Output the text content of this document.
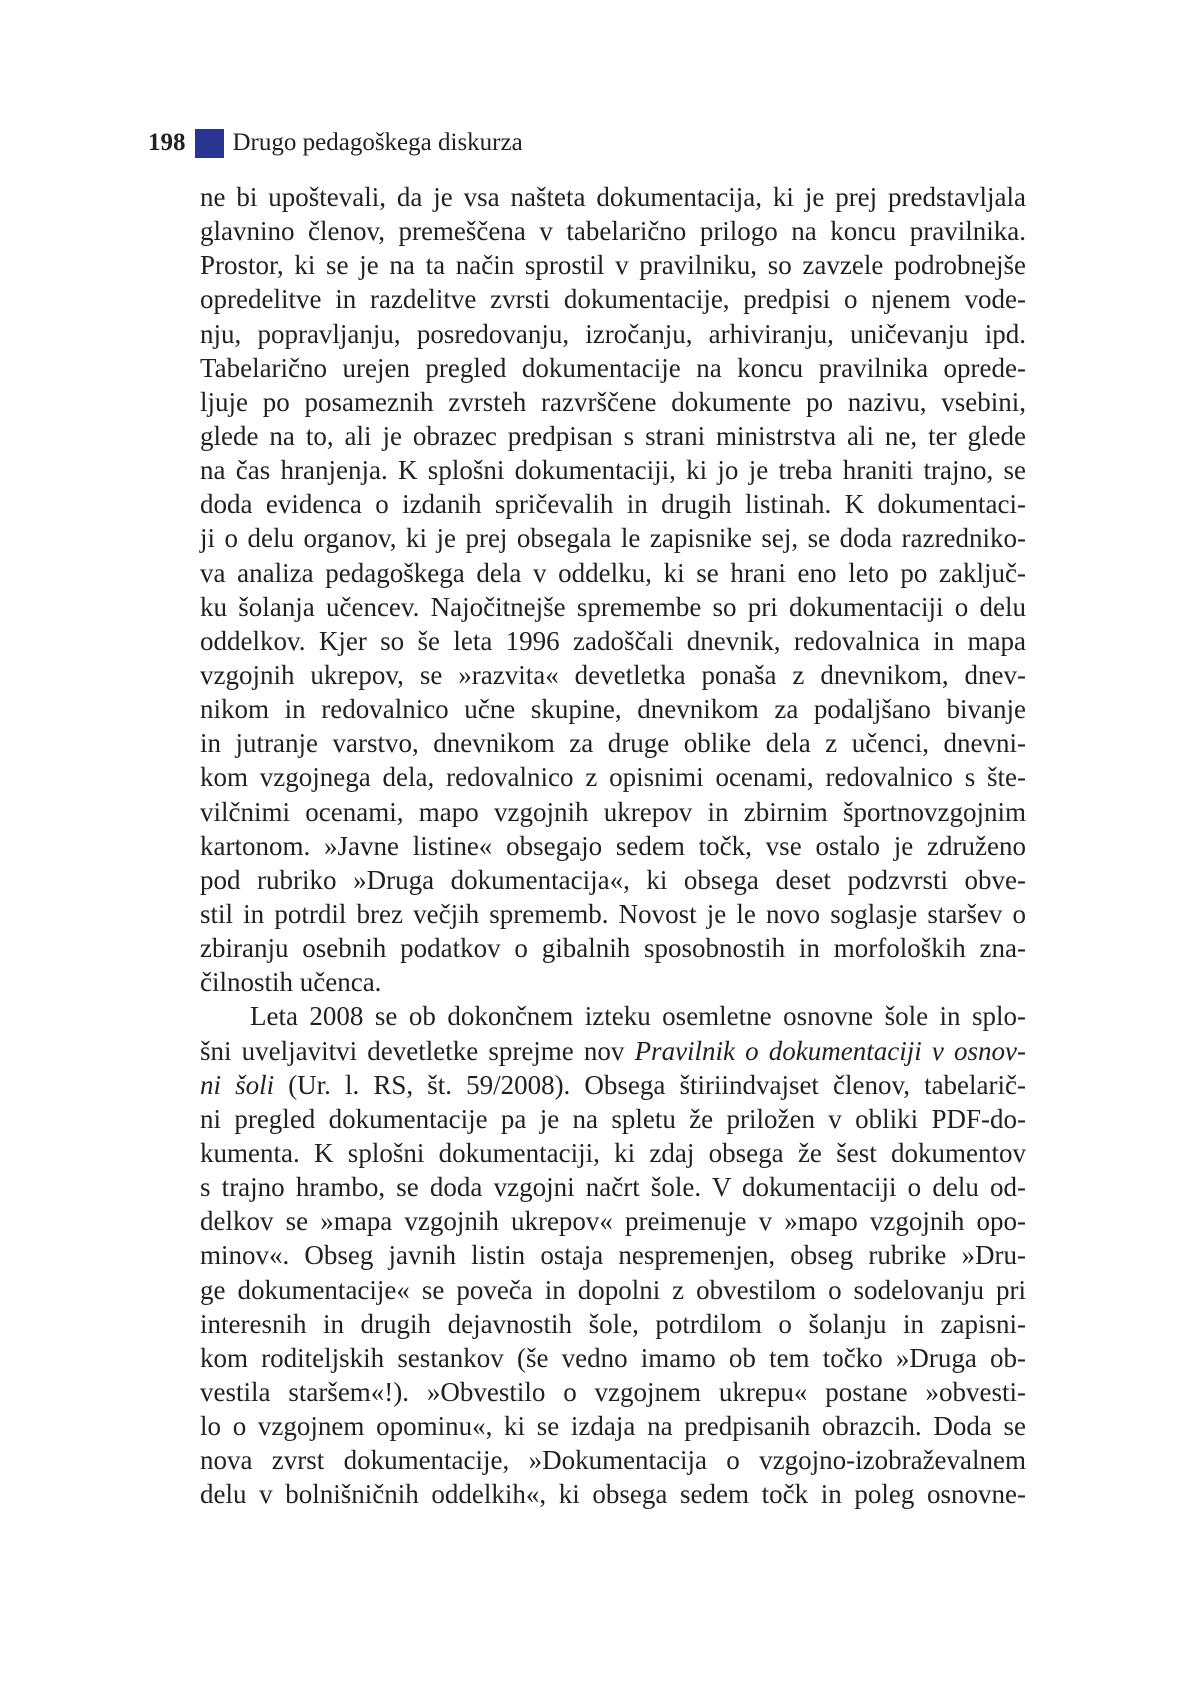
198 Drugo pedagoškega diskurza
ne bi upoštevali, da je vsa našteta dokumentacija, ki je prej predstavljala
glavnino členov, premeščena v tabelarično prilogo na koncu pravilnika.
Prostor, ki se je na ta način sprostil v pravilniku, so zavzele podrobnejše
opredelitve in razdelitve zvrsti dokumentacije, predpisi o njenem vode-
nju, popravljanju, posredovanju, izročanju, arhiviranju, uničevanju ipd.
Tabelarično urejen pregled dokumentacije na koncu pravilnika oprede-
ljuje po posameznih zvrsteh razvrščene dokumente po nazivu, vsebini,
glede na to, ali je obrazec predpisan s strani ministrstva ali ne, ter glede
na čas hranjenja. K splošni dokumentaciji, ki jo je treba hraniti trajno, se
doda evidenca o izdanih spričevalih in drugih listinah. K dokumentaci-
ji o delu organov, ki je prej obsegala le zapisnike sej, se doda razredniko-
va analiza pedagoškega dela v oddelku, ki se hrani eno leto po zaključ-
ku šolanja učencev. Najočitnejše spremembe so pri dokumentaciji o delu
oddelkov. Kjer so še leta 1996 zadoščali dnevnik, redovalnica in mapa
vzgojnih ukrepov, se »razvita« devetletka ponaša z dnevnikom, dnev-
nikom in redovalnico učne skupine, dnevnikom za podaljšano bivanje
in jutranje varstvo, dnevnikom za druge oblike dela z učenci, dnevni-
kom vzgojnega dela, redovalnico z opisnimi ocenami, redovalnico s šte-
vilčnimi ocenami, mapo vzgojnih ukrepov in zbirnim športnovzgojnim
kartonom. »Javne listine« obsegajo sedem točk, vse ostalo je združeno
pod rubriko »Druga dokumentacija«, ki obsega deset podzvrsti obve-
stil in potrdil brez večjih sprememb. Novost je le novo soglasje staršev o
zbiranju osebnih podatkov o gibalnih sposobnostih in morfoloških zna-
čilnostih učenca.
Leta 2008 se ob dokončnem izteku osemletne osnovne šole in splo-
šni uveljavitvi devetletke sprejme nov Pravilnik o dokumentaciji v osnov-
ni šoli (Ur. l. RS, št. 59/2008). Obsega štiriindvajset členov, tabelarič-
ni pregled dokumentacije pa je na spletu že priložen v obliki PDF-do-
kumenta. K splošni dokumentaciji, ki zdaj obsega že šest dokumentov
s trajno hrambo, se doda vzgojni načrt šole. V dokumentaciji o delu od-
delkov se »mapa vzgojnih ukrepov« preimenuje v »mapo vzgojnih opo-
minov«. Obseg javnih listin ostaja nespremenjen, obseg rubrike »Dru-
ge dokumentacije« se poveča in dopolni z obvestilom o sodelovanju pri
interesnih in drugih dejavnostih šole, potrdilom o šolanju in zapisni-
kom roditeljskih sestankov (še vedno imamo ob tem točko »Druga ob-
vestila staršem«!). »Obvestilo o vzgojnem ukrepu« postane »obvesti-
lo o vzgojnem opominu«, ki se izdaja na predpisanih obrazcih. Doda se
nova zvrst dokumentacije, »Dokumentacija o vzgojno-izobraževalnem
delu v bolnišničnih oddelkih«, ki obsega sedem točk in poleg osnovne-
